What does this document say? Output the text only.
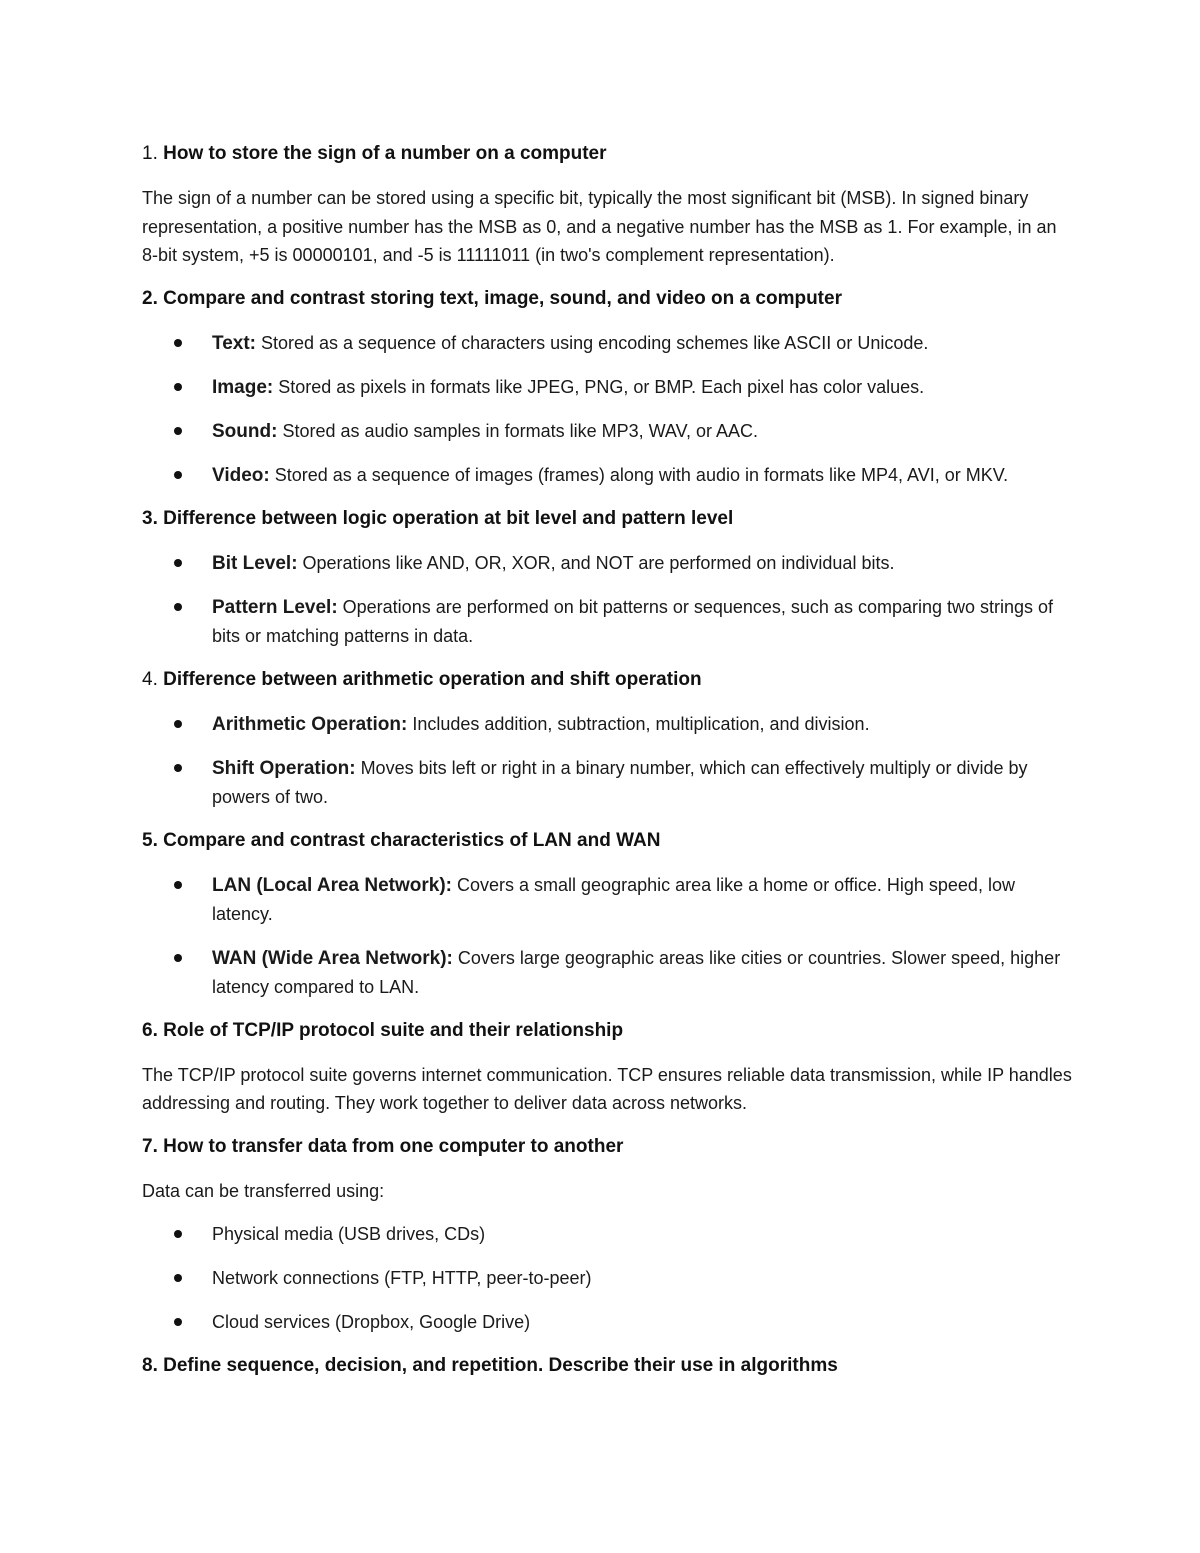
1. How to store the sign of a number on a computer

The sign of a number can be stored using a specific bit, typically the most significant bit (MSB). In signed binary representation, a positive number has the MSB as 0, and a negative number has the MSB as 1. For example, in an 8-bit system, +5 is 00000101, and -5 is 11111011 (in two's complement representation).

2. Compare and contrast storing text, image, sound, and video on a computer
Text: Stored as a sequence of characters using encoding schemes like ASCII or Unicode.
Image: Stored as pixels in formats like JPEG, PNG, or BMP. Each pixel has color values.
Sound: Stored as audio samples in formats like MP3, WAV, or AAC.
Video: Stored as a sequence of images (frames) along with audio in formats like MP4, AVI, or MKV.
3. Difference between logic operation at bit level and pattern level
Bit Level: Operations like AND, OR, XOR, and NOT are performed on individual bits.
Pattern Level: Operations are performed on bit patterns or sequences, such as comparing two strings of bits or matching patterns in data.
4. Difference between arithmetic operation and shift operation
Arithmetic Operation: Includes addition, subtraction, multiplication, and division.
Shift Operation: Moves bits left or right in a binary number, which can effectively multiply or divide by powers of two.
5. Compare and contrast characteristics of LAN and WAN
LAN (Local Area Network): Covers a small geographic area like a home or office. High speed, low latency.
WAN (Wide Area Network): Covers large geographic areas like cities or countries. Slower speed, higher latency compared to LAN.
6. Role of TCP/IP protocol suite and their relationship

The TCP/IP protocol suite governs internet communication. TCP ensures reliable data transmission, while IP handles addressing and routing. They work together to deliver data across networks.

7. How to transfer data from one computer to another

Data can be transferred using:

Physical media (USB drives, CDs)
Network connections (FTP, HTTP, peer-to-peer)
Cloud services (Dropbox, Google Drive)
8. Define sequence, decision, and repetition. Describe their use in algorithms
